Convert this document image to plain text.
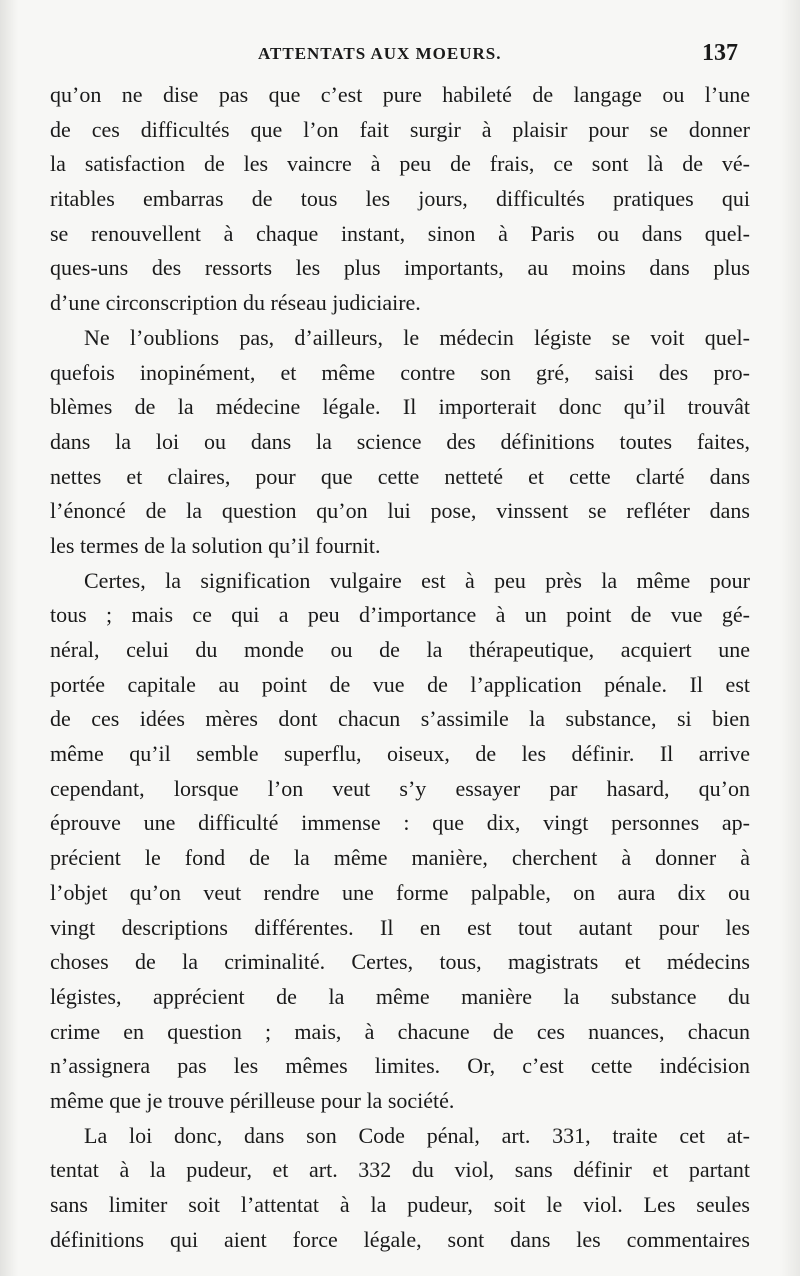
ATTENTATS AUX MOEURS.	137
qu’on ne dise pas que c’est pure habileté de langage ou l’une
de ces difficultés que l’on fait surgir à plaisir pour se donner
la satisfaction de les vaincre à peu de frais, ce sont là de vé-
ritables embarras de tous les jours, difficultés pratiques qui
se renouvellent à chaque instant, sinon à Paris ou dans quel-
ques-uns des ressorts les plus importants, au moins dans plus
d’une circonscription du réseau judiciaire.
Ne l’oublions pas, d’ailleurs, le médecin légiste se voit quel-
quefois inopinément, et même contre son gré, saisi des pro-
blèmes de la médecine légale. Il importerait donc qu’il trouvât
dans la loi ou dans la science des définitions toutes faites,
nettes et claires, pour que cette netteté et cette clarté dans
l’énoncé de la question qu’on lui pose, vinssent se refléter dans
les termes de la solution qu’il fournit.
Certes, la signification vulgaire est à peu près la même pour
tous ; mais ce qui a peu d’importance à un point de vue gé-
néral, celui du monde ou de la thérapeutique, acquiert une
portée capitale au point de vue de l’application pénale. Il est
de ces idées mères dont chacun s’assimile la substance, si bien
même qu’il semble superflu, oiseux, de les définir. Il arrive
cependant, lorsque l’on veut s’y essayer par hasard, qu’on
éprouve une difficulté immense : que dix, vingt personnes ap-
précient le fond de la même manière, cherchent à donner à
l’objet qu’on veut rendre une forme palpable, on aura dix ou
vingt descriptions différentes. Il en est tout autant pour les
choses de la criminalité. Certes, tous, magistrats et médecins
légistes, apprécient de la même manière la substance du
crime en question ; mais, à chacune de ces nuances, chacun
n’assignera pas les mêmes limites. Or, c’est cette indécision
même que je trouve périlleuse pour la société.
La loi donc, dans son Code pénal, art. 331, traite cet at-
tentat à la pudeur, et art. 332 du viol, sans définir et partant
sans limiter soit l’attentat à la pudeur, soit le viol. Les seules
définitions qui aient force légale, sont dans les commentaires
